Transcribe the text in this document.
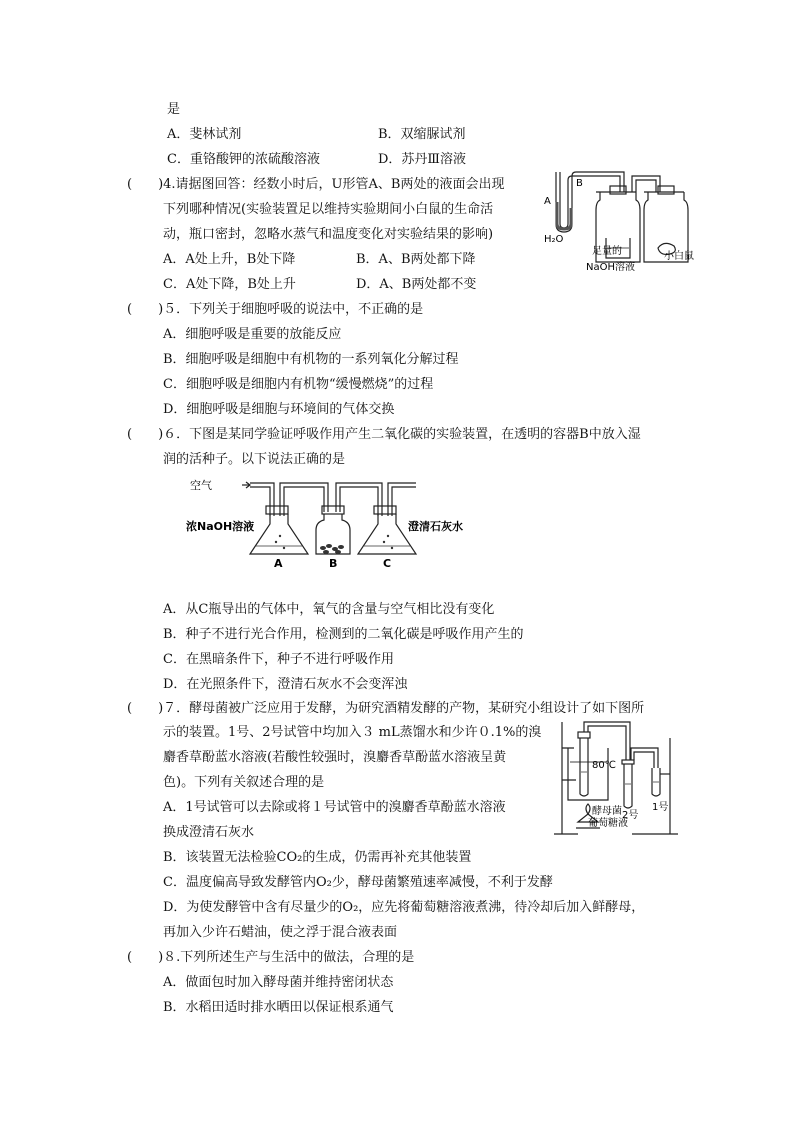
是
A．斐林试剂	B．双缩脲试剂
C．重铬酸钾的浓硫酸溶液	D．苏丹Ⅲ溶液
(　　)4.请据图回答：经数小时后，U形管A、B两处的液面会出现
下列哪种情况(实验装置足以维持实验期间小白鼠的生命活
动，瓶口密封，忽略水蒸气和温度变化对实验结果的影响)
A．A处上升，B处下降	B．A、B两处都下降
C．A处下降，B处上升	D．A、B两处都不变
A
B
H₂O
足量的
NaOH溶液
小白鼠
(　　)５．下列关于细胞呼吸的说法中，不正确的是
A．细胞呼吸是重要的放能反应
B．细胞呼吸是细胞中有机物的一系列氧化分解过程
C．细胞呼吸是细胞内有机物“缓慢燃烧”的过程
D．细胞呼吸是细胞与环境间的气体交换
(　　)６．下图是某同学验证呼吸作用产生二氧化碳的实验装置，在透明的容器B中放入湿
润的活种子。以下说法正确的是
空气
浓NaOH溶液	澄清石灰水
A	B	C
A．从C瓶导出的气体中，氧气的含量与空气相比没有变化
B．种子不进行光合作用，检测到的二氧化碳是呼吸作用产生的
C．在黑暗条件下，种子不进行呼吸作用
D．在光照条件下，澄清石灰水不会变浑浊
(　　)７．酵母菌被广泛应用于发酵，为研究酒精发酵的产物，某研究小组设计了如下图所
示的装置。1号、2号试管中均加入３ mL蒸馏水和少许０.1%的溴
麝香草酚蓝水溶液(若酸性较强时，溴麝香草酚蓝水溶液呈黄
色)。下列有关叙述合理的是
A．1号试管可以去除或将１号试管中的溴麝香草酚蓝水溶液
换成澄清石灰水
B．该装置无法检验CO₂的生成，仍需再补充其他装置
C．温度偏高导致发酵管内O₂少，酵母菌繁殖速率减慢，不利于发酵
D．为使发酵管中含有尽量少的O₂，应先将葡萄糖溶液煮沸，待冷却后加入鲜酵母，
再加入少许石蜡油，使之浮于混合液表面
80℃
2号
1号
酵母菌
葡萄糖液
(　　)８.下列所述生产与生活中的做法，合理的是
A．做面包时加入酵母菌并维持密闭状态
B．水稻田适时排水晒田以保证根系通气
